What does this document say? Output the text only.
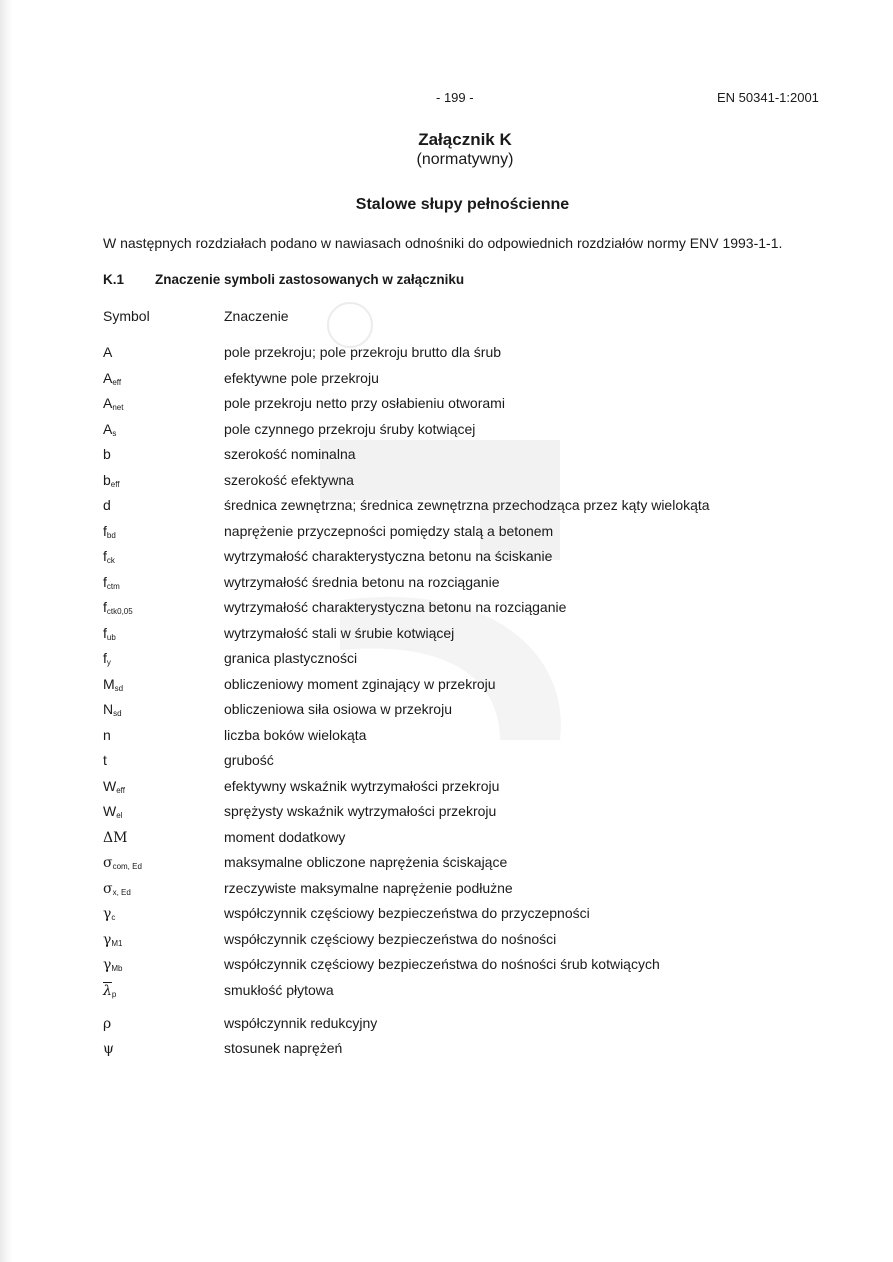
- 199 -	EN 50341-1:2001
Załącznik K
(normatywny)
Stalowe słupy pełnościenne
W następnych rozdziałach podano w nawiasach odnośniki do odpowiednich rozdziałów normy ENV 1993-1-1.
K.1 Znaczenie symboli zastosowanych w załączniku
Symbol	Znaczenie
A	pole przekroju; pole przekroju brutto dla śrub
$A_{eff}$	efektywne pole przekroju
$A_{net}$	pole przekroju netto przy osłabieniu otworami
$A_s$	pole czynnego przekroju śruby kotwiącej
b	szerokość nominalna
$b_{eff}$	szerokość efektywna
d	średnica zewnętrzna; średnica zewnętrzna przechodząca przez kąty wielokąta
$f_{bd}$	naprężenie przyczepności pomiędzy stalą a betonem
$f_{ck}$	wytrzymałość charakterystyczna betonu na ściskanie
$f_{ctm}$	wytrzymałość średnia betonu na rozciąganie
$f_{ctk0,05}$	wytrzymałość charakterystyczna betonu na rozciąganie
$f_{ub}$	wytrzymałość stali w śrubie kotwiącej
$f_y$	granica plastyczności
$M_{sd}$	obliczeniowy moment zginający w przekroju
$N_{sd}$	obliczeniowa siła osiowa w przekroju
n	liczba boków wielokąta
t	grubość
$W_{eff}$	efektywny wskaźnik wytrzymałości przekroju
$W_{el}$	sprężysty wskaźnik wytrzymałości przekroju
ΔM	moment dodatkowy
$\sigma_{com, Ed}$	maksymalne obliczone naprężenia ściskające
$\sigma_{x, Ed}$	rzeczywiste maksymalne naprężenie podłużne
$\gamma_c$	współczynnik częściowy bezpieczeństwa do przyczepności
$\gamma_{M1}$	współczynnik częściowy bezpieczeństwa do nośności
$\gamma_{Mb}$	współczynnik częściowy bezpieczeństwa do nośności śrub kotwiących
$\overline{\lambda}_p$	smukłość płytowa
ρ	współczynnik redukcyjny
ψ	stosunek naprężeń
